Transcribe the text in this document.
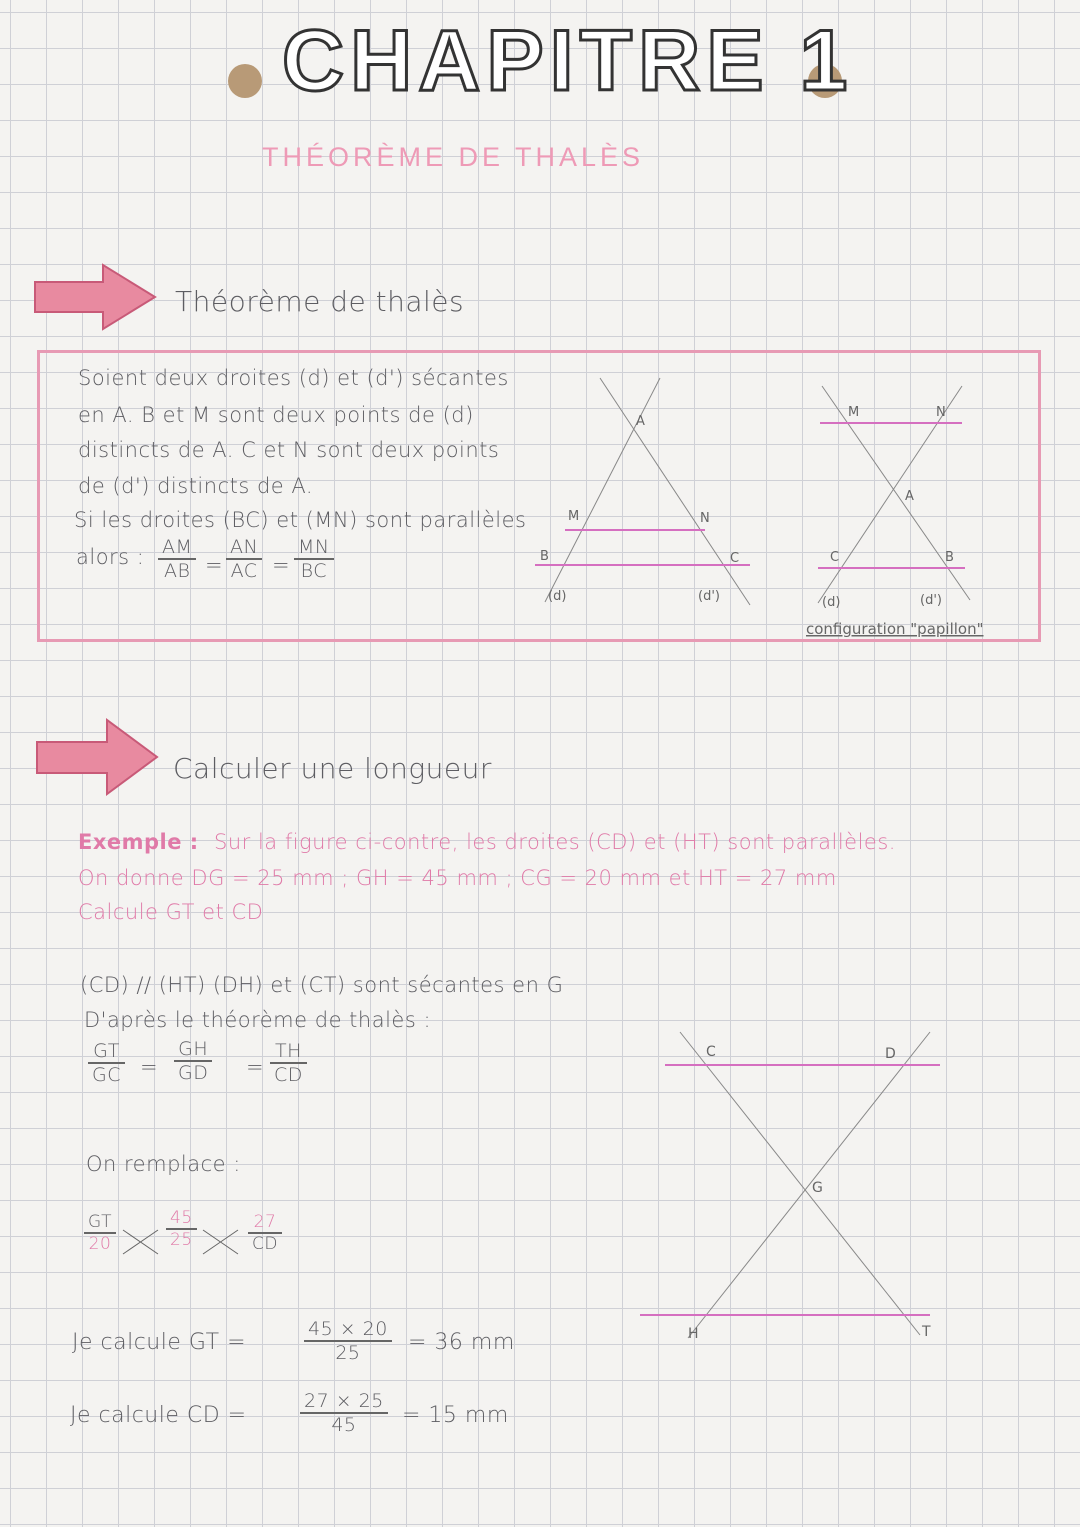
CHAPITRE 1
THÉORÈME DE THALÈS
Théorème de thalès
Soient deux droites (d) et (d') sécantes
en A. B et M sont deux points de (d)
distincts de A. C et N sont deux points
de (d') distincts de A.
Si les droites (BC) et (MN) sont parallèles
alors : $\frac{AM}{AB} = \frac{AN}{AC} = \frac{MN}{BC}$
A
M	N
B	C
(d)	(d')
M	N
A
C	B
(d)	(d')
configuration "papillon"
Calculer une longueur
Exemple : Sur la figure ci-contre, les droites (CD) et (HT) sont parallèles.
On donne DG = 25 mm ; GH = 45 mm ; CG = 20 mm et HT = 27 mm
Calcule GT et CD
(CD) // (HT) (DH) et (CT) sont sécantes en G
D'après le théorème de thalès :
$\frac{GT}{GC} = \frac{GH}{GD} = \frac{TH}{CD}$
On remplace :
$\frac{GT}{20}$	$\frac{45}{25}$	$\frac{27}{CD}$
Je calcule GT =	$\frac{45 \times 20}{25} = 36$ mm
Je calcule CD =	$\frac{27 \times 25}{45} = 15$ mm
C	D
G
H	T
